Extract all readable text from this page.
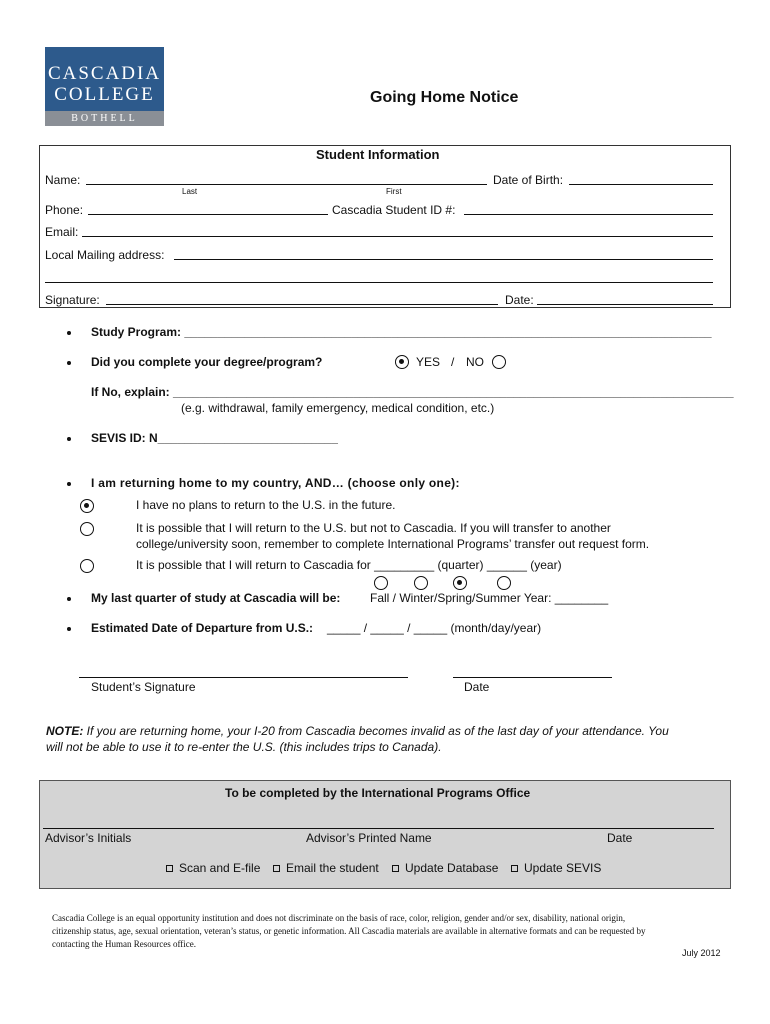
CASCADIA
COLLEGE
BOTHELL
Going Home Notice
Student Information
Name:
Last	First
Date of Birth:
Phone:	Cascadia Student ID #:
Email:
Local Mailing address:
Signature:	Date:
Study Program: _______________________________________________________________________________
Did you complete your degree/program?	YES / NO
If No, explain: ____________________________________________________________________________________
(e.g. withdrawal, family emergency, medical condition, etc.)
SEVIS ID: N___________________________
I am returning home to my country, AND… (choose only one):
I have no plans to return to the U.S. in the future.
It is possible that I will return to the U.S. but not to Cascadia. If you will transfer to another
college/university soon, remember to complete International Programs’ transfer out request form.
It is possible that I will return to Cascadia for _________ (quarter) ______ (year)
My last quarter of study at Cascadia will be: Fall / Winter/Spring/Summer Year: ________
Estimated Date of Departure from U.S.: _____ / _____ / _____ (month/day/year)
Student’s Signature	Date
NOTE: If you are returning home, your I-20 from Cascadia becomes invalid as of the last day of your attendance. You
will not be able to use it to re-enter the U.S. (this includes trips to Canada).
To be completed by the International Programs Office
Advisor’s Initials	Advisor’s Printed Name	Date
Scan and E-file	Email the student	Update Database	Update SEVIS
Cascadia College is an equal opportunity institution and does not discriminate on the basis of race, color, religion, gender and/or sex, disability, national origin,
citizenship status, age, sexual orientation, veteran’s status, or genetic information. All Cascadia materials are available in alternative formats and can be requested by
contacting the Human Resources office.
July 2012
